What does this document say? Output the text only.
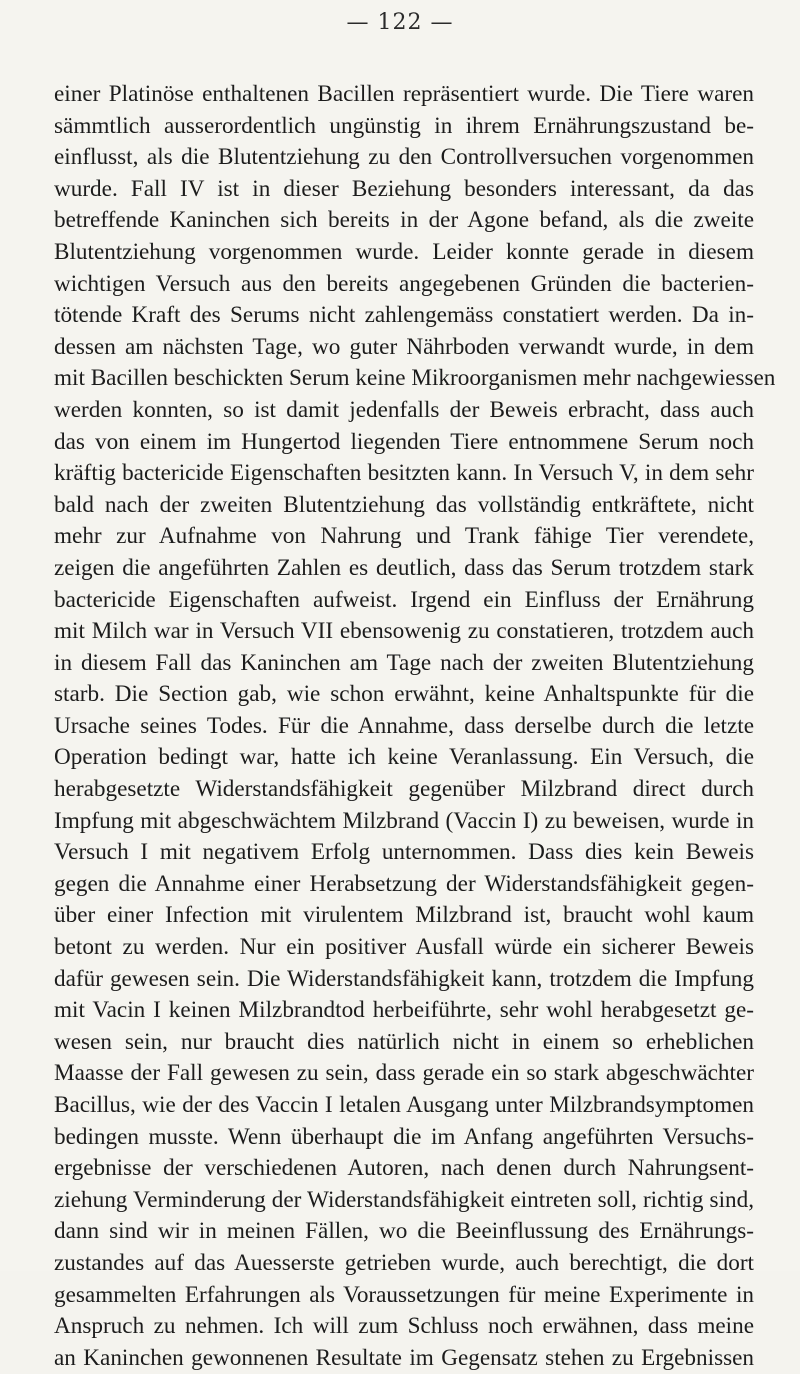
— 122 —
einer Platinöse enthaltenen Bacillen repräsentiert wurde. Die Tiere waren
sämmtlich ausserordentlich ungünstig in ihrem Ernährungszustand be-
einflusst, als die Blutentziehung zu den Controllversuchen vorgenommen
wurde. Fall IV ist in dieser Beziehung besonders interessant, da das
betreffende Kaninchen sich bereits in der Agone befand, als die zweite
Blutentziehung vorgenommen wurde. Leider konnte gerade in diesem
wichtigen Versuch aus den bereits angegebenen Gründen die bacterien-
tötende Kraft des Serums nicht zahlengemäss constatiert werden. Da in-
dessen am nächsten Tage, wo guter Nährboden verwandt wurde, in dem
mit Bacillen beschickten Serum keine Mikroorganismen mehr nachgewiessen
werden konnten, so ist damit jedenfalls der Beweis erbracht, dass auch
das von einem im Hungertod liegenden Tiere entnommene Serum noch
kräftig bactericide Eigenschaften besitzten kann. In Versuch V, in dem sehr
bald nach der zweiten Blutentziehung das vollständig entkräftete, nicht
mehr zur Aufnahme von Nahrung und Trank fähige Tier verendete,
zeigen die angeführten Zahlen es deutlich, dass das Serum trotzdem stark
bactericide Eigenschaften aufweist. Irgend ein Einfluss der Ernährung
mit Milch war in Versuch VII ebensowenig zu constatieren, trotzdem auch
in diesem Fall das Kaninchen am Tage nach der zweiten Blutentziehung
starb. Die Section gab, wie schon erwähnt, keine Anhaltspunkte für die
Ursache seines Todes. Für die Annahme, dass derselbe durch die letzte
Operation bedingt war, hatte ich keine Veranlassung. Ein Versuch, die
herabgesetzte Widerstandsfähigkeit gegenüber Milzbrand direct durch
Impfung mit abgeschwächtem Milzbrand (Vaccin I) zu beweisen, wurde in
Versuch I mit negativem Erfolg unternommen. Dass dies kein Beweis
gegen die Annahme einer Herabsetzung der Widerstandsfähigkeit gegen-
über einer Infection mit virulentem Milzbrand ist, braucht wohl kaum
betont zu werden. Nur ein positiver Ausfall würde ein sicherer Beweis
dafür gewesen sein. Die Widerstandsfähigkeit kann, trotzdem die Impfung
mit Vacin I keinen Milzbrandtod herbeiführte, sehr wohl herabgesetzt ge-
wesen sein, nur braucht dies natürlich nicht in einem so erheblichen
Maasse der Fall gewesen zu sein, dass gerade ein so stark abgeschwächter
Bacillus, wie der des Vaccin I letalen Ausgang unter Milzbrandsymptomen
bedingen musste. Wenn überhaupt die im Anfang angeführten Versuchs-
ergebnisse der verschiedenen Autoren, nach denen durch Nahrungsent-
ziehung Verminderung der Widerstandsfähigkeit eintreten soll, richtig sind,
dann sind wir in meinen Fällen, wo die Beeinflussung des Ernährungs-
zustandes auf das Auesserste getrieben wurde, auch berechtigt, die dort
gesammelten Erfahrungen als Voraussetzungen für meine Experimente in
Anspruch zu nehmen. Ich will zum Schluss noch erwähnen, dass meine
an Kaninchen gewonnenen Resultate im Gegensatz stehen zu Ergebnissen
